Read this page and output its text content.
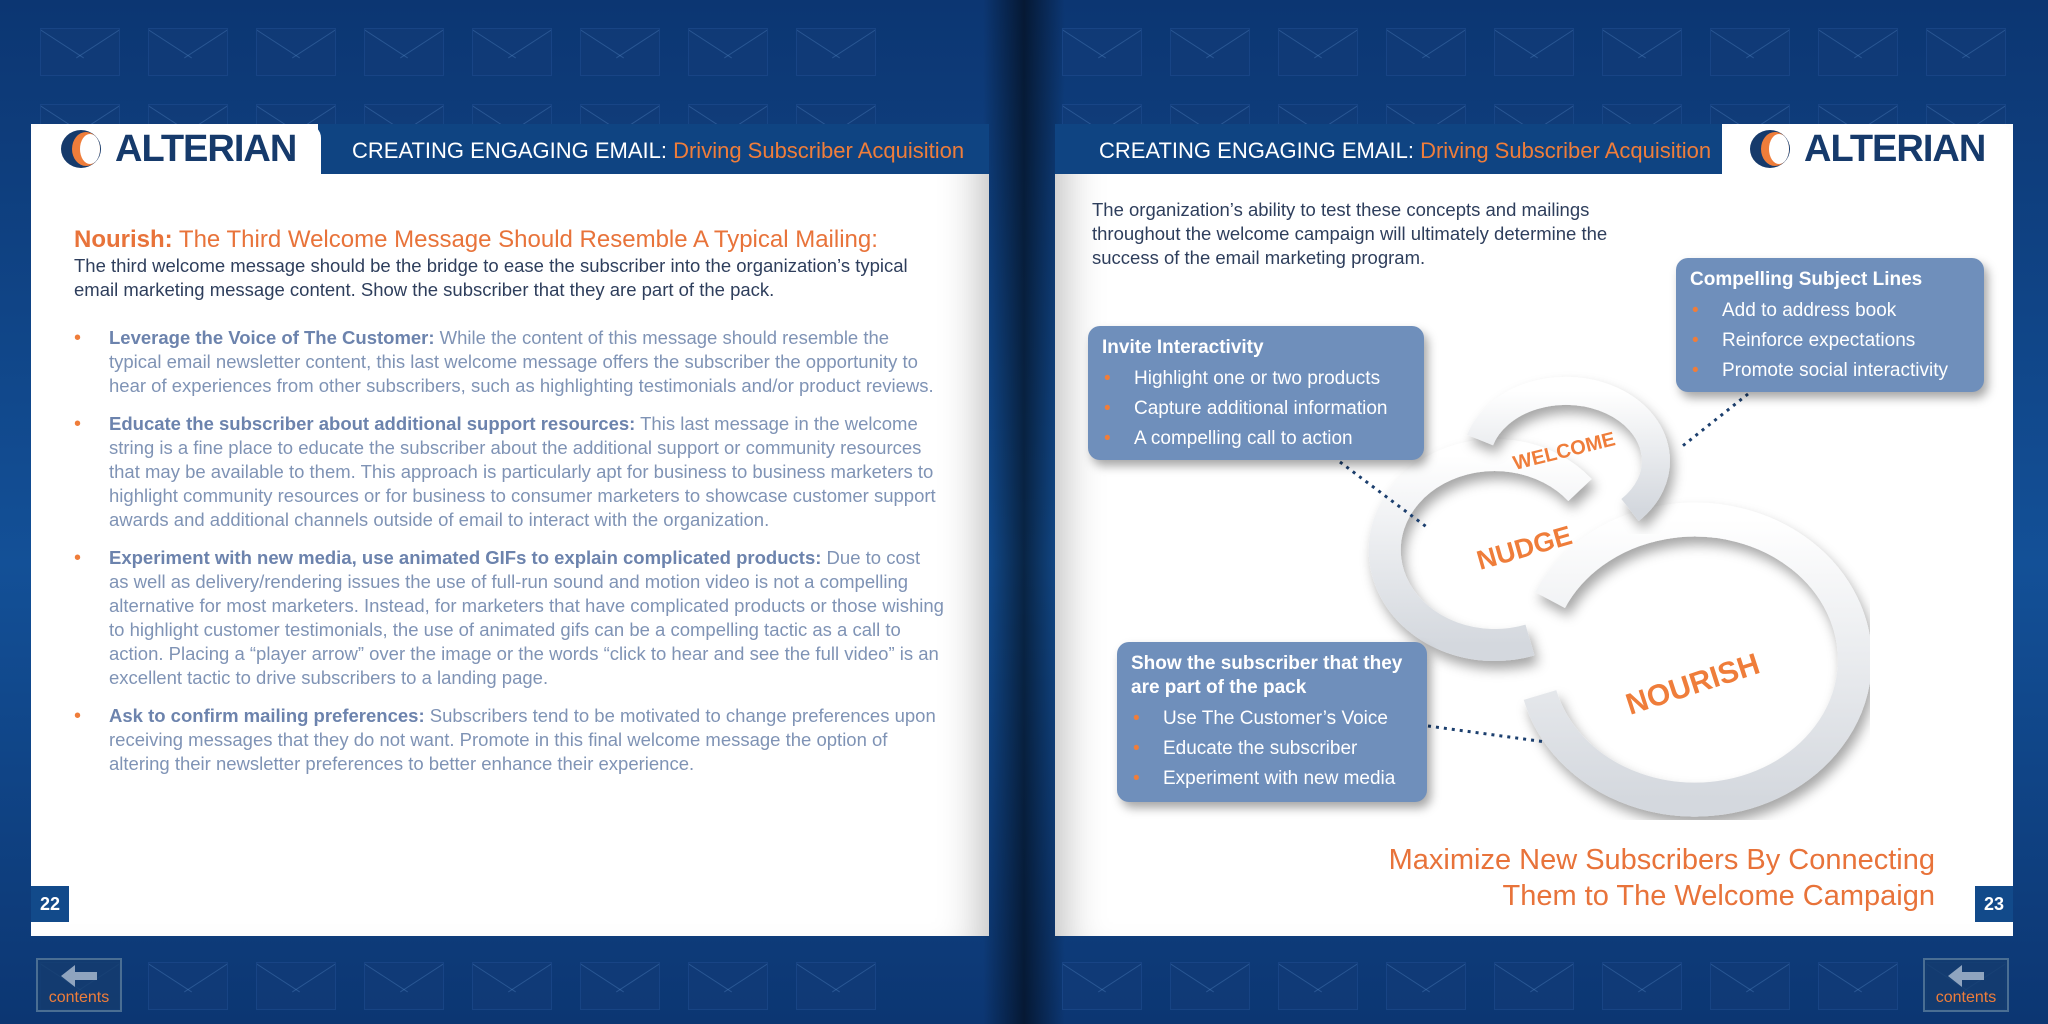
ALTERIAN	ALTERIAN
CREATING ENGAGING EMAIL: Driving Subscriber Acquisition	CREATING ENGAGING EMAIL: Driving Subscriber Acquisition
Nourish: The Third Welcome Message Should Resemble A Typical Mailing:

The third welcome message should be the bridge to ease the subscriber into the organization’s typical email marketing message content. Show the subscriber that they are part of the pack.

• Leverage the Voice of The Customer: While the content of this message should resemble the typical email newsletter content, this last welcome message offers the subscriber the opportunity to hear of experiences from other subscribers, such as highlighting testimonials and/or product reviews.
• Educate the subscriber about additional support resources: This last message in the welcome string is a fine place to educate the subscriber about the additional support or community resources that may be available to them. This approach is particularly apt for business to business marketers to highlight community resources or for business to consumer marketers to showcase customer support awards and additional channels outside of email to interact with the organization.
• Experiment with new media, use animated GIFs to explain complicated products: Due to cost as well as delivery/rendering issues the use of full-run sound and motion video is not a compelling alternative for most marketers. Instead, for marketers that have complicated products or those wishing to highlight customer testimonials, the use of animated gifs can be a compelling tactic as a call to action. Placing a “player arrow” over the image or the words “click to hear and see the full video” is an excellent tactic to drive subscribers to a landing page.
• Ask to confirm mailing preferences: Subscribers tend to be motivated to change preferences upon receiving messages that they do not want. Promote in this final welcome message the option of altering their newsletter preferences to better enhance their experience.
22

The organization’s ability to test these concepts and mailings throughout the welcome campaign will ultimately determine the success of the email marketing program.

WELCOME
NUDGE
NOURISH
Invite Interactivity
• Highlight one or two products
• Capture additional information
• A compelling call to action
Compelling Subject Lines
• Add to address book
• Reinforce expectations
• Promote social interactivity
Show the subscriber that they are part of the pack
• Use The Customer’s Voice
• Educate the subscriber
• Experiment with new media
Maximize New Subscribers By Connecting
Them to The Welcome Campaign	23
contents	contents
